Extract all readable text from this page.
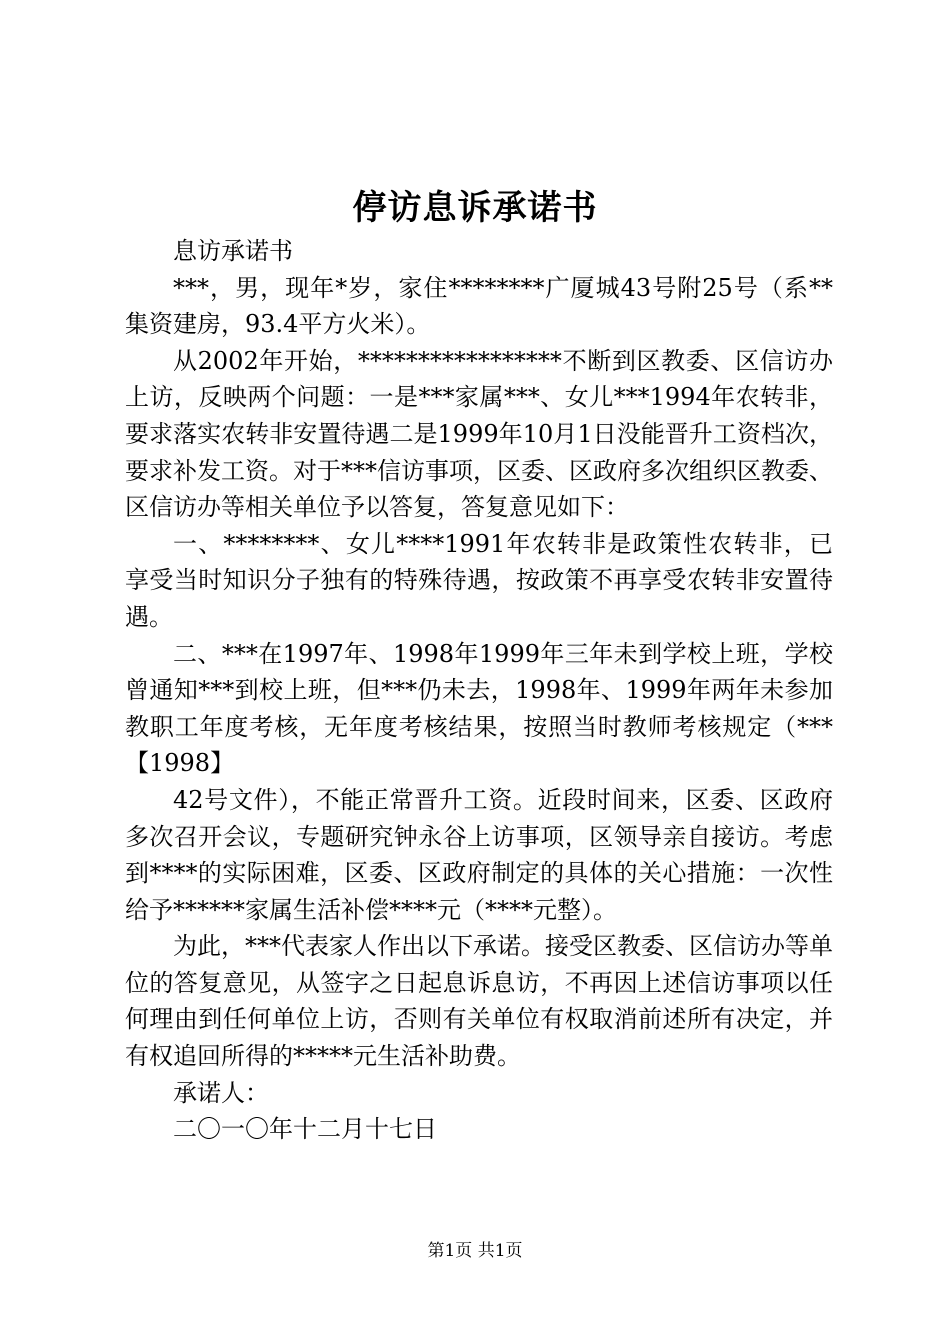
停访息诉承诺书

息访承诺书

***，男，现年*岁，家住********广厦城43号附25号（系**集资建房，93.4平方火米）。

从2002年开始，*****************不断到区教委、区信访办上访，反映两个问题：一是***家属***、女儿***1994年农转非，要求落实农转非安置待遇二是1999年10月1日没能晋升工资档次，要求补发工资。对于***信访事项，区委、区政府多次组织区教委、区信访办等相关单位予以答复，答复意见如下：

一、********、女儿****1991年农转非是政策性农转非，已享受当时知识分子独有的特殊待遇，按政策不再享受农转非安置待遇。

二、***在1997年、1998年1999年三年未到学校上班，学校曾通知***到校上班，但***仍未去，1998年、1999年两年未参加教职工年度考核，无年度考核结果，按照当时教师考核规定（***【1998】

42号文件），不能正常晋升工资。近段时间来，区委、区政府多次召开会议，专题研究钟永谷上访事项，区领导亲自接访。考虑到****的实际困难，区委、区政府制定的具体的关心措施：一次性给予******家属生活补偿****元（****元整）。

为此，***代表家人作出以下承诺。接受区教委、区信访办等单位的答复意见，从签字之日起息诉息访，不再因上述信访事项以任何理由到任何单位上访，否则有关单位有权取消前述所有决定，并有权追回所得的*****元生活补助费。

承诺人：

二〇一〇年十二月十七日

第1页 共1页
